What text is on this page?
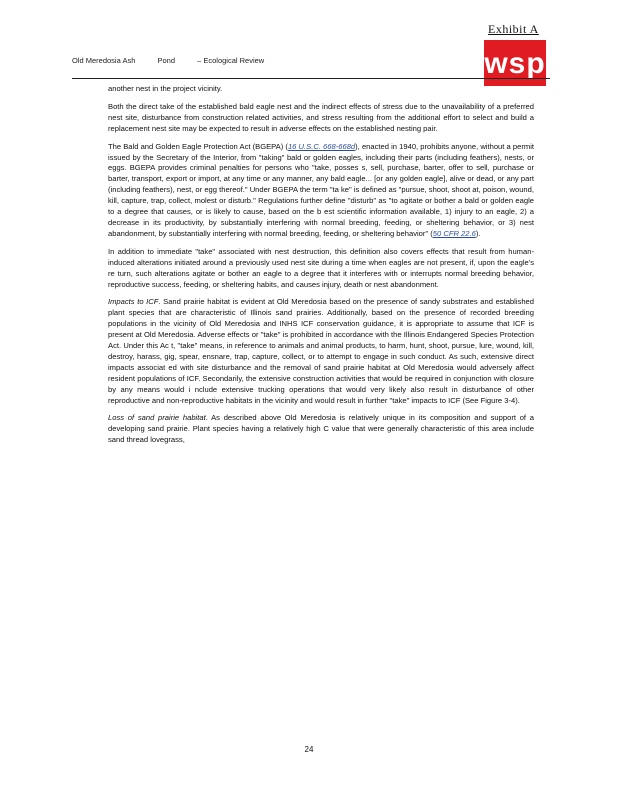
Exhibit A
Old Meredosia Ash	Pond	– Ecological Review	wsp

another nest in the project vicinity.

Both the direct take of the established bald eagle nest and the indirect effects of stress due to the unavailability of a preferred nest site, disturbance from construction related activities, and stress resulting from the additional effort to select and build a replacement nest site may be expected to result in adverse effects on the established nesting pair.

The Bald and Golden Eagle Protection Act (BGEPA) (16 U.S.C. 668-668d), enacted in 1940, prohibits anyone, without a permit issued by the Secretary of the Interior, from "taking" bald or golden eagles, including their parts (including feathers), nests, or eggs. BGEPA provides criminal penalties for persons who "take, posses s, sell, purchase, barter, offer to sell, purchase or barter, transport, export or import, at any time or any manner, any bald eagle... [or any golden eagle], alive or dead, or any part (including feathers), nest, or egg thereof." Under BGEPA the term "ta ke" is defined as "pursue, shoot, shoot at, poison, wound, kill, capture, trap, collect, molest or disturb." Regulations further define "disturb" as "to agitate or bother a bald or golden eagle to a degree that causes, or is likely to cause, based on the b est scientific information available, 1) injury to an eagle, 2) a decrease in its productivity, by substantially interfering with normal breeding, feeding, or sheltering behavior, or 3) nest abandonment, by substantially interfering with normal breeding, feeding, or sheltering behavior" (50 CFR 22.6).

In addition to immediate "take" associated with nest destruction, this definition also covers effects that result from human-induced alterations initiated around a previously used nest site during a time when eagles are not present, if, upon the eagle's re turn, such alterations agitate or bother an eagle to a degree that it interferes with or interrupts normal breeding behavior, reproductive success, feeding, or sheltering habits, and causes injury, death or nest abandonment.

Impacts to ICF. Sand prairie habitat is evident at Old Meredosia based on the presence of sandy substrates and established plant species that are characteristic of Illinois sand prairies. Additionally, based on the presence of recorded breeding populations in the vicinity of Old Meredosia and INHS ICF conservation guidance, it is appropriate to assume that ICF is present at Old Meredosia. Adverse effects or "take" is prohibited in accordance with the Illinois Endangered Species Protection Act. Under this Ac t, "take" means, in reference to animals and animal products, to harm, hunt, shoot, pursue, lure, wound, kill, destroy, harass, gig, spear, ensnare, trap, capture, collect, or to attempt to engage in such conduct. As such, extensive direct impacts associat ed with site disturbance and the removal of sand prairie habitat at Old Meredosia would adversely affect resident populations of ICF. Secondarily, the extensive construction activities that would be required in conjunction with closure by any means would i nclude extensive trucking operations that would very likely also result in disturbance of other reproductive and non-reproductive habitats in the vicinity and would result in further "take" impacts to ICF (See Figure 3-4).

Loss of sand prairie habitat. As described above Old Meredosia is relatively unique in its composition and support of a developing sand prairie. Plant species having a relatively high C value that were generally characteristic of this area include sand thread lovegrass,

24
